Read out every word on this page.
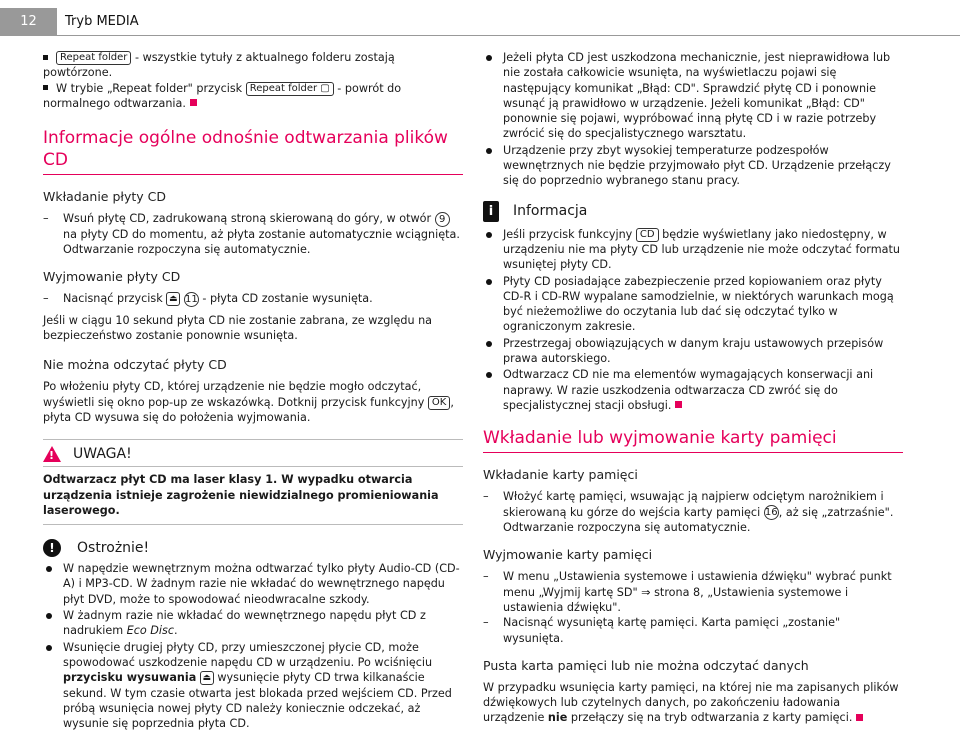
12	Tryb MEDIA
Repeat folder - wszystkie tytuły z aktualnego folderu zostają powtórzone.
W trybie „Repeat folder" przycisk Repeat folder ▢ - powrót do normalnego odtwarzania.
Informacje ogólne odnośnie odtwarzania plików CD
Wkładanie płyty CD
– Wsuń płytę CD, zadrukowaną stroną skierowaną do góry, w otwór 9 na płyty CD do momentu, aż płyta zostanie automatycznie wciągnięta. Odtwarzanie rozpoczyna się automatycznie.
Wyjmowanie płyty CD
– Nacisnąć przycisk ⏏ 11 - płyta CD zostanie wysunięta.
Jeśli w ciągu 10 sekund płyta CD nie zostanie zabrana, ze względu na bezpieczeństwo zostanie ponownie wsunięta.
Nie można odczytać płyty CD
Po włożeniu płyty CD, której urządzenie nie będzie mogło odczytać, wyświetli się okno pop-up ze wskazówką. Dotknij przycisk funkcyjny OK , płyta CD wysuwa się do położenia wyjmowania.
! UWAGA!
Odtwarzacz płyt CD ma laser klasy 1. W wypadku otwarcia urządzenia istnieje zagrożenie niewidzialnego promieniowania laserowego.
!	Ostrożnie!
W napędzie wewnętrznym można odtwarzać tylko płyty Audio-CD (CD-A) i MP3-CD. W żadnym razie nie wkładać do wewnętrznego napędu płyt DVD, może to spowodować nieodwracalne szkody.
W żadnym razie nie wkładać do wewnętrznego napędu płyt CD z nadrukiem Eco Disc.
Wsunięcie drugiej płyty CD, przy umieszczonej płycie CD, może spowodować uszkodzenie napędu CD w urządzeniu. Po wciśnięciu przycisku wysuwania ⏏ wysunięcie płyty CD trwa kilkanaście sekund. W tym czasie otwarta jest blokada przed wejściem CD. Przed próbą wsunięcia nowej płyty CD należy koniecznie odczekać, aż wysunie się poprzednia płyta CD.
Jeżeli płyta CD jest uszkodzona mechanicznie, jest nieprawidłowa lub nie została całkowicie wsunięta, na wyświetlaczu pojawi się następujący komunikat „Błąd: CD". Sprawdzić płytę CD i ponownie wsunąć ją prawidłowo w urządzenie. Jeżeli komunikat „Błąd: CD" ponownie się pojawi, wypróbować inną płytę CD i w razie potrzeby zwrócić się do specjalistycznego warsztatu.
Urządzenie przy zbyt wysokiej temperaturze podzespołów wewnętrznych nie będzie przyjmowało płyt CD. Urządzenie przełączy się do poprzednio wybranego stanu pracy.
i	Informacja
Jeśli przycisk funkcyjny CD będzie wyświetlany jako niedostępny, w urządzeniu nie ma płyty CD lub urządzenie nie może odczytać formatu wsuniętej płyty CD.
Płyty CD posiadające zabezpieczenie przed kopiowaniem oraz płyty CD-R i CD-RW wypalane samodzielnie, w niektórych warunkach mogą być nieżemożliwe do oczytania lub dać się odczytać tylko w ograniczonym zakresie.
Przestrzegaj obowiązujących w danym kraju ustawowych przepisów prawa autorskiego.
Odtwarzacz CD nie ma elementów wymagających konserwacji ani naprawy. W razie uszkodzenia odtwarzacza CD zwróć się do specjalistycznej stacji obsługi.
Wkładanie lub wyjmowanie karty pamięci
Wkładanie karty pamięci
– Włożyć kartę pamięci, wsuwając ją najpierw odciętym narożnikiem i skierowaną ku górze do wejścia karty pamięci 16, aż się „zatrzaśnie". Odtwarzanie rozpoczyna się automatycznie.
Wyjmowanie karty pamięci
– W menu „Ustawienia systemowe i ustawienia dźwięku" wybrać punkt menu „Wyjmij kartę SD" ⇒ strona 8, „Ustawienia systemowe i ustawienia dźwięku".
– Nacisnąć wysuniętą kartę pamięci. Karta pamięci „zostanie" wysunięta.
Pusta karta pamięci lub nie można odczytać danych
W przypadku wsunięcia karty pamięci, na której nie ma zapisanych plików dźwiękowych lub czytelnych danych, po zakończeniu ładowania urządzenie nie przełączy się na tryb odtwarzania z karty pamięci.
